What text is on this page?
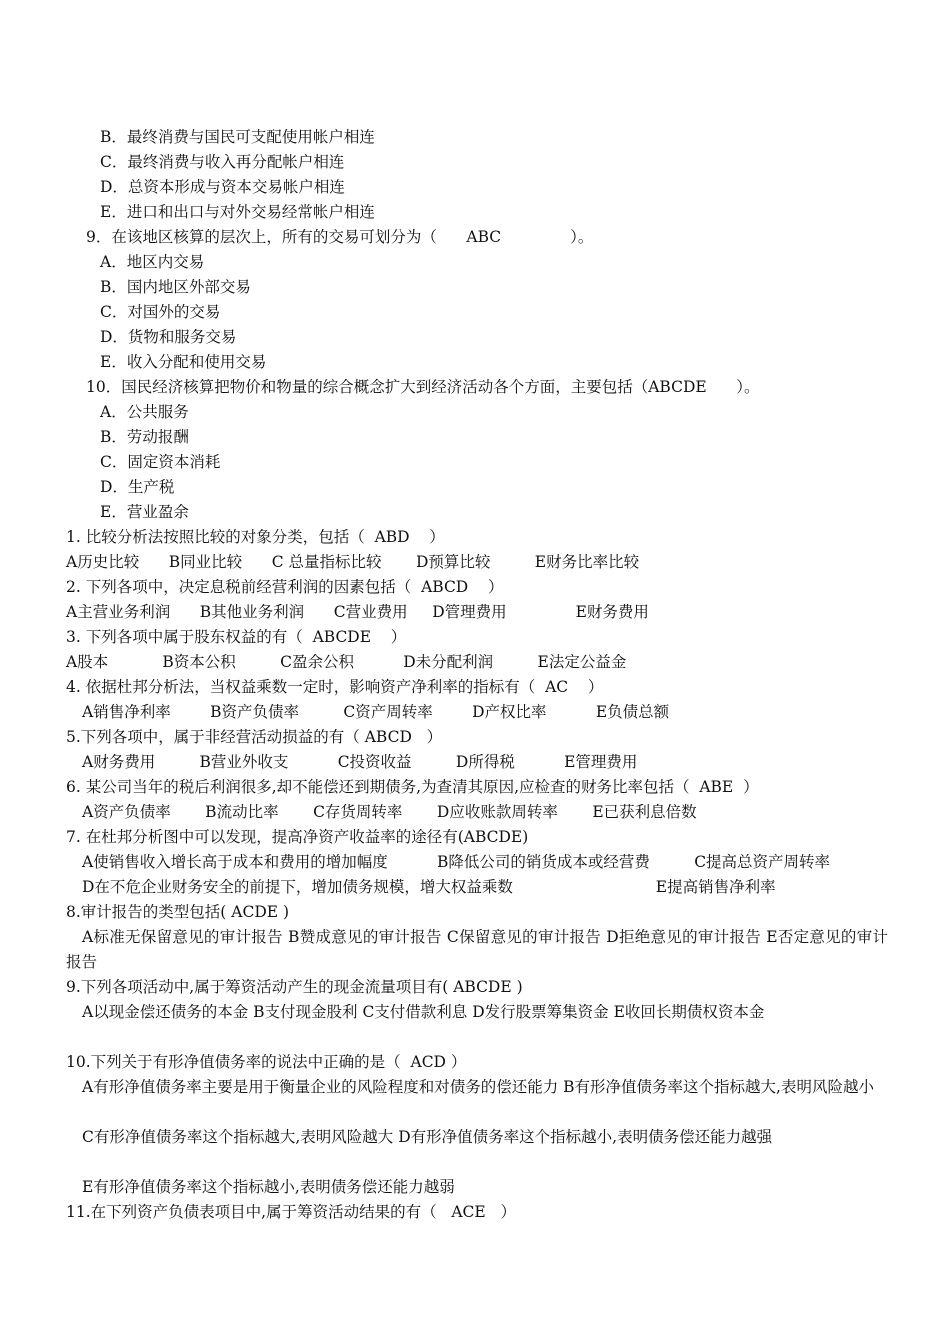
B．最终消费与国民可支配使用帐户相连
C．最终消费与收入再分配帐户相连
D．总资本形成与资本交易帐户相连
E．进口和出口与对外交易经常帐户相连
9．在该地区核算的层次上，所有的交易可划分为（      ABC              ）。
A．地区内交易
B．国内地区外部交易
C．对国外的交易
D．货物和服务交易
E．收入分配和使用交易
10．国民经济核算把物价和物量的综合概念扩大到经济活动各个方面，主要包括（ABCDE      ）。
A．公共服务
B．劳动报酬
C．固定资本消耗
D．生产税
E．营业盈余
1. 比较分析法按照比较的对象分类，包括（  ABD    ）
A历史比较      B同业比较      C 总量指标比较       D预算比较         E财务比率比较
2. 下列各项中，决定息税前经营利润的因素包括（  ABCD    ）
A主营业务利润      B其他业务利润      C营业费用     D管理费用              E财务费用
3. 下列各项中属于股东权益的有（  ABCDE    ）
A股本           B资本公积         C盈余公积          D未分配利润         E法定公益金
4. 依据杜邦分析法，当权益乘数一定时，影响资产净利率的指标有（  AC    ）
A销售净利率        B资产负债率         C资产周转率        D产权比率          E负债总额
5.下列各项中，属于非经营活动损益的有（ ABCD   ）
A财务费用         B营业外收支          C投资收益         D所得税          E管理费用
6. 某公司当年的税后利润很多,却不能偿还到期债务,为查清其原因,应检查的财务比率包括（  ABE  ）
A资产负债率       B流动比率       C存货周转率       D应收账款周转率       E已获利息倍数
7. 在杜邦分析图中可以发现，提高净资产收益率的途径有(ABCDE)
A使销售收入增长高于成本和费用的增加幅度          B降低公司的销货成本或经营费         C提高总资产周转率
D在不危企业财务安全的前提下，增加债务规模，增大权益乘数                             E提高销售净利率
8.审计报告的类型包括( ACDE )
A标准无保留意见的审计报告 B赞成意见的审计报告 C保留意见的审计报告 D拒绝意见的审计报告 E否定意见的审计报告
9.下列各项活动中,属于筹资活动产生的现金流量项目有( ABCDE )
A以现金偿还债务的本金 B支付现金股利 C支付借款利息 D发行股票筹集资金 E收回长期债权资本金
10.下列关于有形净值债务率的说法中正确的是（  ACD ）
A有形净值债务率主要是用于衡量企业的风险程度和对债务的偿还能力 B有形净值债务率这个指标越大,表明风险越小
C有形净值债务率这个指标越大,表明风险越大 D有形净值债务率这个指标越小,表明债务偿还能力越强
E有形净值债务率这个指标越小,表明债务偿还能力越弱
11.在下列资产负债表项目中,属于筹资活动结果的有（   ACE   ）
